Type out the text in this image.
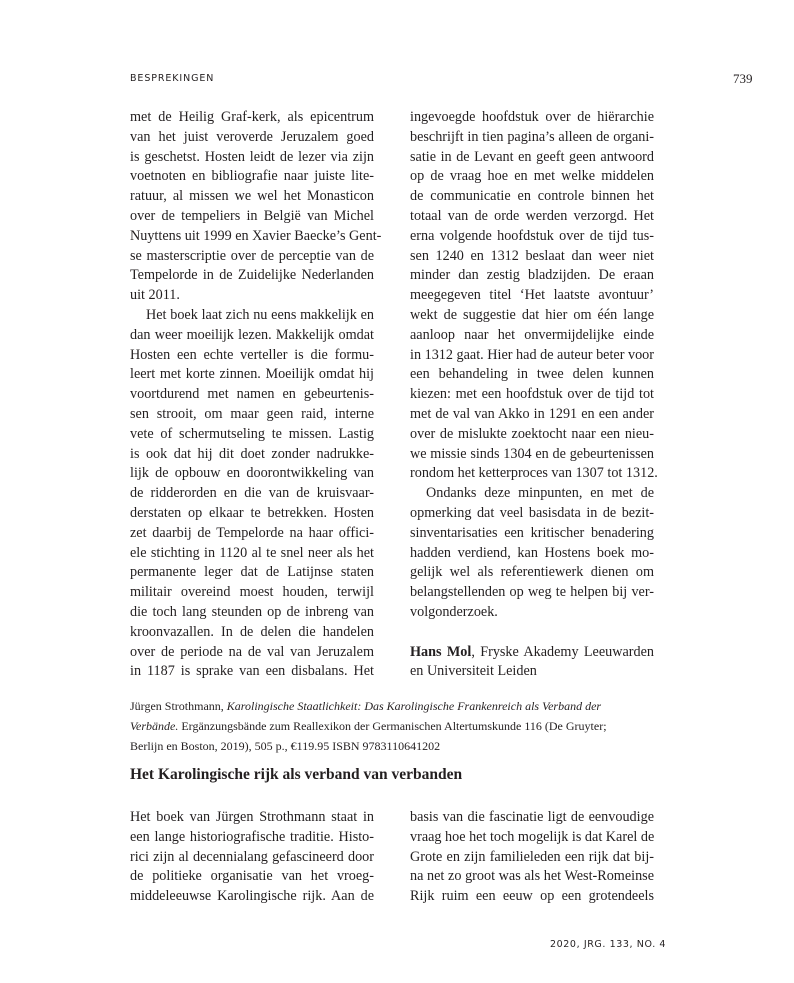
BESPREKINGEN	739
met de Heilig Graf-kerk, als epicentrum
van het juist veroverde Jeruzalem goed
is geschetst. Hosten leidt de lezer via zijn
voetnoten en bibliografie naar juiste lite-
ratuur, al missen we wel het Monasticon
over de tempeliers in België van Michel
Nuyttens uit 1999 en Xavier Baecke’s Gent-
se masterscriptie over de perceptie van de
Tempelorde in de Zuidelijke Nederlanden
uit 2011.
Het boek laat zich nu eens makkelijk en
dan weer moeilijk lezen. Makkelijk omdat
Hosten een echte verteller is die formu-
leert met korte zinnen. Moeilijk omdat hij
voortdurend met namen en gebeurtenis-
sen strooit, om maar geen raid, interne
vete of schermutseling te missen. Lastig
is ook dat hij dit doet zonder nadrukke-
lijk de opbouw en doorontwikkeling van
de ridderorden en die van de kruisvaar-
derstaten op elkaar te betrekken. Hosten
zet daarbij de Tempelorde na haar offici-
ele stichting in 1120 al te snel neer als het
permanente leger dat de Latijnse staten
militair overeind moest houden, terwijl
die toch lang steunden op de inbreng van
kroonvazallen. In de delen die handelen
over de periode na de val van Jeruzalem
in 1187 is sprake van een disbalans. Het
ingevoegde hoofdstuk over de hiërarchie
beschrijft in tien pagina’s alleen de organi-
satie in de Levant en geeft geen antwoord
op de vraag hoe en met welke middelen
de communicatie en controle binnen het
totaal van de orde werden verzorgd. Het
erna volgende hoofdstuk over de tijd tus-
sen 1240 en 1312 beslaat dan weer niet
minder dan zestig bladzijden. De eraan
meegegeven titel ‘Het laatste avontuur’
wekt de suggestie dat hier om één lange
aanloop naar het onvermijdelijke einde
in 1312 gaat. Hier had de auteur beter voor
een behandeling in twee delen kunnen
kiezen: met een hoofdstuk over de tijd tot
met de val van Akko in 1291 en een ander
over de mislukte zoektocht naar een nieu-
we missie sinds 1304 en de gebeurtenissen
rondom het ketterproces van 1307 tot 1312.
Ondanks deze minpunten, en met de
opmerking dat veel basisdata in de bezit-
sinventarisaties een kritischer benadering
hadden verdiend, kan Hostens boek mo-
gelijk wel als referentiewerk dienen om
belangstellenden op weg te helpen bij ver-
volgonderzoek.
Hans Mol, Fryske Akademy Leeuwarden
en Universiteit Leiden
Jürgen Strothmann, Karolingische Staatlichkeit: Das Karolingische Frankenreich als Verband der
Verbände. Ergänzungsbände zum Reallexikon der Germanischen Altertumskunde 116 (De Gruyter;
Berlijn en Boston, 2019), 505 p., €119.95 ISBN 9783110641202
Het Karolingische rijk als verband van verbanden
Het boek van Jürgen Strothmann staat in
een lange historiografische traditie. Histo-
rici zijn al decennialang gefascineerd door
de politieke organisatie van het vroeg-
middeleeuwse Karolingische rijk. Aan de
basis van die fascinatie ligt de eenvoudige
vraag hoe het toch mogelijk is dat Karel de
Grote en zijn familieleden een rijk dat bij-
na net zo groot was als het West-Romeinse
Rijk ruim een eeuw op een grotendeels
2020, JRG. 133, NO. 4
